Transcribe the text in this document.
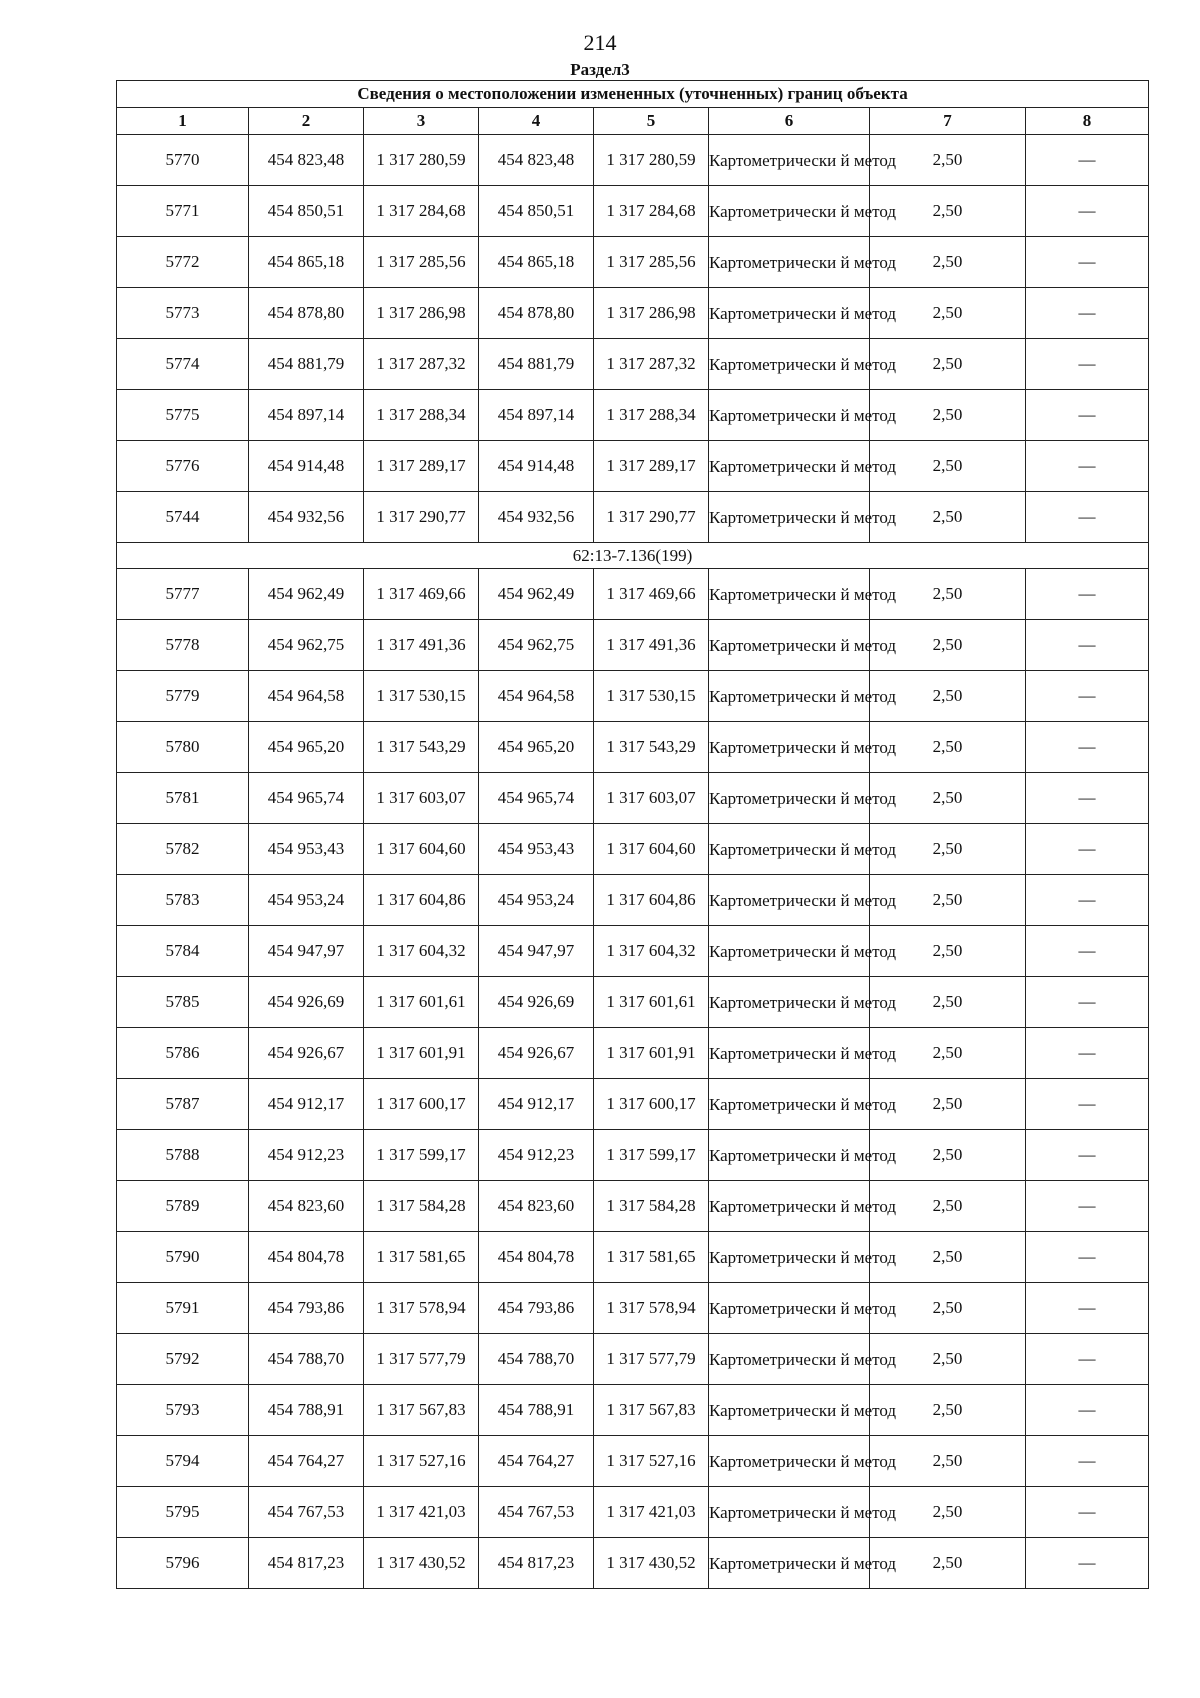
214
Раздел3
Сведения о местоположении измененных (уточненных) границ объекта							
1	2	3	4	5	6	7	8
5770	454 823,48	1 317 280,59	454 823,48	1 317 280,59	Картометрически й метод	2,50	—
5771	454 850,51	1 317 284,68	454 850,51	1 317 284,68	Картометрически й метод	2,50	—
5772	454 865,18	1 317 285,56	454 865,18	1 317 285,56	Картометрически й метод	2,50	—
5773	454 878,80	1 317 286,98	454 878,80	1 317 286,98	Картометрически й метод	2,50	—
5774	454 881,79	1 317 287,32	454 881,79	1 317 287,32	Картометрически й метод	2,50	—
5775	454 897,14	1 317 288,34	454 897,14	1 317 288,34	Картометрически й метод	2,50	—
5776	454 914,48	1 317 289,17	454 914,48	1 317 289,17	Картометрически й метод	2,50	—
5744	454 932,56	1 317 290,77	454 932,56	1 317 290,77	Картометрически й метод	2,50	—
62:13-7.136(199)							
5777	454 962,49	1 317 469,66	454 962,49	1 317 469,66	Картометрически й метод	2,50	—
5778	454 962,75	1 317 491,36	454 962,75	1 317 491,36	Картометрически й метод	2,50	—
5779	454 964,58	1 317 530,15	454 964,58	1 317 530,15	Картометрически й метод	2,50	—
5780	454 965,20	1 317 543,29	454 965,20	1 317 543,29	Картометрически й метод	2,50	—
5781	454 965,74	1 317 603,07	454 965,74	1 317 603,07	Картометрически й метод	2,50	—
5782	454 953,43	1 317 604,60	454 953,43	1 317 604,60	Картометрически й метод	2,50	—
5783	454 953,24	1 317 604,86	454 953,24	1 317 604,86	Картометрически й метод	2,50	—
5784	454 947,97	1 317 604,32	454 947,97	1 317 604,32	Картометрически й метод	2,50	—
5785	454 926,69	1 317 601,61	454 926,69	1 317 601,61	Картометрически й метод	2,50	—
5786	454 926,67	1 317 601,91	454 926,67	1 317 601,91	Картометрически й метод	2,50	—
5787	454 912,17	1 317 600,17	454 912,17	1 317 600,17	Картометрически й метод	2,50	—
5788	454 912,23	1 317 599,17	454 912,23	1 317 599,17	Картометрически й метод	2,50	—
5789	454 823,60	1 317 584,28	454 823,60	1 317 584,28	Картометрически й метод	2,50	—
5790	454 804,78	1 317 581,65	454 804,78	1 317 581,65	Картометрически й метод	2,50	—
5791	454 793,86	1 317 578,94	454 793,86	1 317 578,94	Картометрически й метод	2,50	—
5792	454 788,70	1 317 577,79	454 788,70	1 317 577,79	Картометрически й метод	2,50	—
5793	454 788,91	1 317 567,83	454 788,91	1 317 567,83	Картометрически й метод	2,50	—
5794	454 764,27	1 317 527,16	454 764,27	1 317 527,16	Картометрически й метод	2,50	—
5795	454 767,53	1 317 421,03	454 767,53	1 317 421,03	Картометрически й метод	2,50	—
5796	454 817,23	1 317 430,52	454 817,23	1 317 430,52	Картометрически й метод	2,50	—
